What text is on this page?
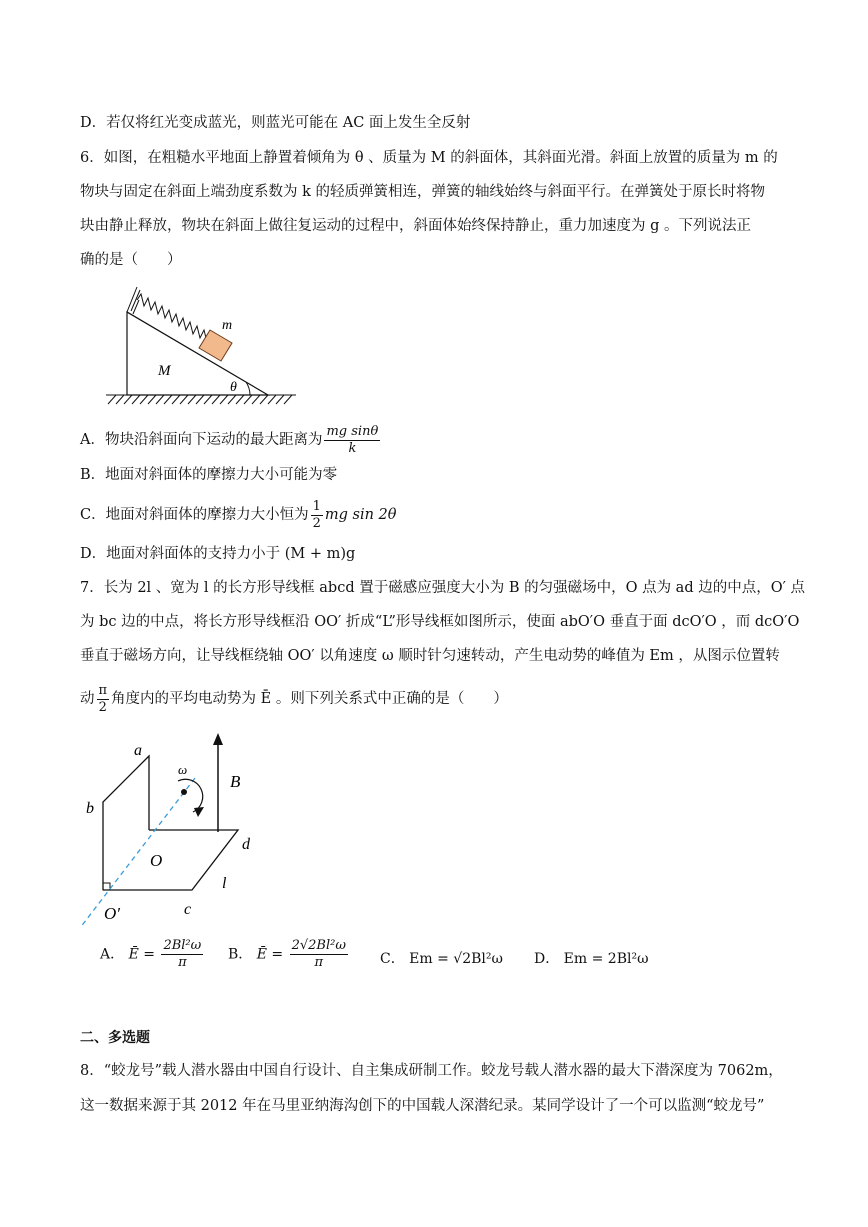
D．若仅将红光变成蓝光，则蓝光可能在 AC 面上发生全反射
6．如图，在粗糙水平地面上静置着倾角为 θ 、质量为 M 的斜面体，其斜面光滑。斜面上放置的质量为 m 的
物块与固定在斜面上端劲度系数为 k 的轻质弹簧相连，弹簧的轴线始终与斜面平行。在弹簧处于原长时将物
块由静止释放，物块在斜面上做往复运动的过程中，斜面体始终保持静止，重力加速度为 g 。下列说法正
确的是（　　）
m
M
θ
A．物块沿斜面向下运动的最大距离为 $\frac{\text{mg sinθ}}{k}$
B．地面对斜面体的摩擦力大小可能为零
C．地面对斜面体的摩擦力大小恒为 $\frac{1}{2}$ mg sin 2θ
D．地面对斜面体的支持力小于 (M + m)g
7．长为 2l 、宽为 l 的长方形导线框 abcd 置于磁感应强度大小为 B 的匀强磁场中，O 点为 ad 边的中点，O′ 点
为 bc 边的中点，将长方形导线框沿 OO′ 折成“L”形导线框如图所示，使面 abO′O 垂直于面 dcO′O ，而 dcO′O
垂直于磁场方向，让导线框绕轴 OO′ 以角速度 ω 顺时针匀速转动，产生电动势的峰值为 Em ，从图示位置转
动 $\frac{\pi}{2}$ 角度内的平均电动势为 Ē 。则下列关系式中正确的是（　　）
ω
a
b
B
d
O
l
c
O′
A． Ē = $\frac{\text{2Bl²ω}}{\pi}$ B． Ē = $\frac{\text{2√2Bl²ω}}{\pi}$ C． Em = √2Bl²ω D． Em = 2Bl²ω
二、多选题
8．“蛟龙号”载人潜水器由中国自行设计、自主集成研制工作。蛟龙号载人潜水器的最大下潜深度为 7062m，
这一数据来源于其 2012 年在马里亚纳海沟创下的中国载人深潜纪录。某同学设计了一个可以监测“蛟龙号”
